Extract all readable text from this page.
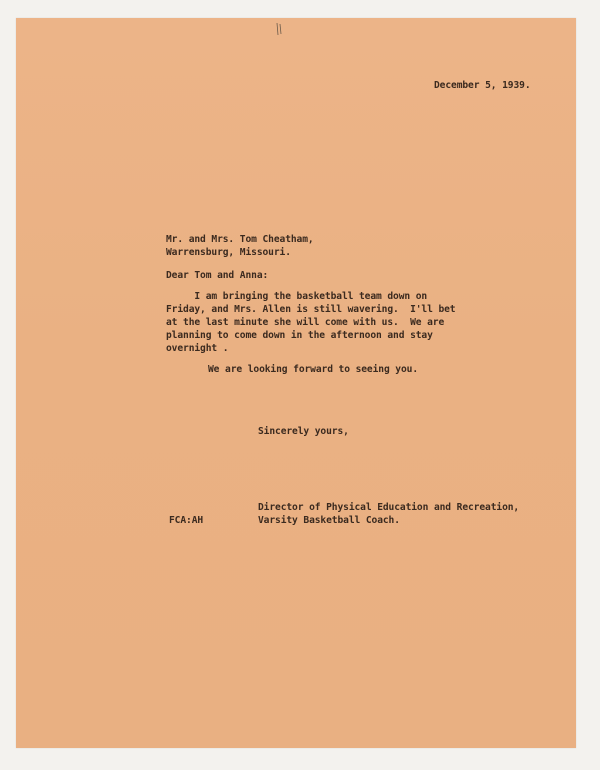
December 5, 1939.

Mr. and Mrs. Tom Cheatham,

Warrensburg, Missouri.

Dear Tom and Anna:

I am bringing the basketball team down on

Friday, and Mrs. Allen is still wavering.  I'll bet

at the last minute she will come with us.  We are

planning to come down in the afternoon and stay

overnight .

We are looking forward to seeing you.

Sincerely yours,

Director of Physical Education and Recreation,

FCA:AH	Varsity Basketball Coach.
